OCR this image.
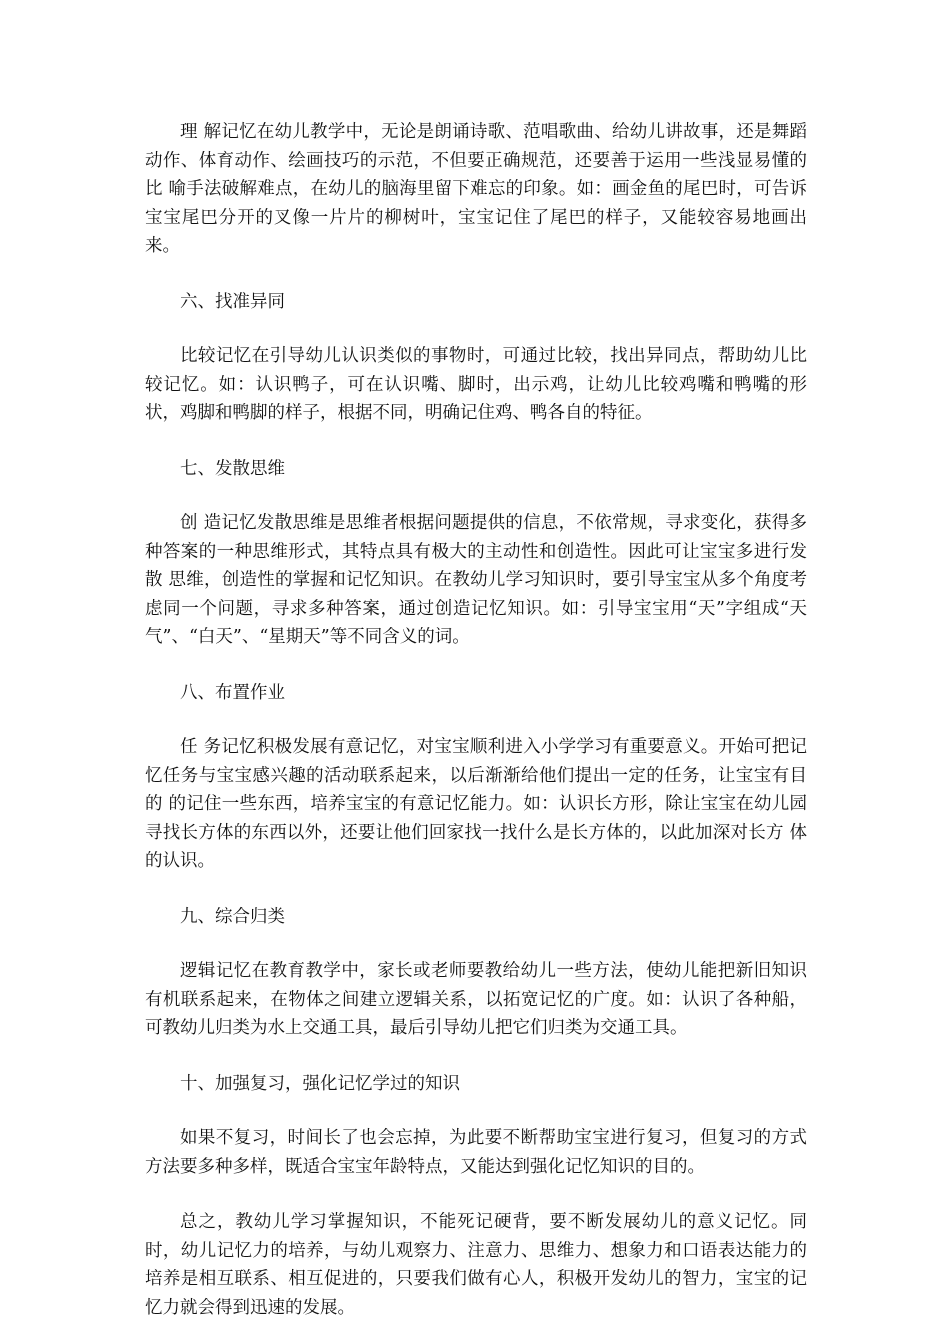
理 解记忆在幼儿教学中，无论是朗诵诗歌、范唱歌曲、给幼儿讲故事，还是舞蹈动作、体育动作、绘画技巧的示范，不但要正确规范，还要善于运用一些浅显易懂的比 喻手法破解难点，在幼儿的脑海里留下难忘的印象。如：画金鱼的尾巴时，可告诉宝宝尾巴分开的叉像一片片的柳树叶，宝宝记住了尾巴的样子，又能较容易地画出 来。

六、找准异同

比较记忆在引导幼儿认识类似的事物时，可通过比较，找出异同点，帮助幼儿比较记忆。如：认识鸭子，可在认识嘴、脚时，出示鸡，让幼儿比较鸡嘴和鸭嘴的形状，鸡脚和鸭脚的样子，根据不同，明确记住鸡、鸭各自的特征。

七、发散思维

创 造记忆发散思维是思维者根据问题提供的信息，不依常规，寻求变化，获得多种答案的一种思维形式，其特点具有极大的主动性和创造性。因此可让宝宝多进行发散 思维，创造性的掌握和记忆知识。在教幼儿学习知识时，要引导宝宝从多个角度考虑同一个问题，寻求多种答案，通过创造记忆知识。如：引导宝宝用“天”字组成“天气”、“白天”、“星期天”等不同含义的词。

八、布置作业

任 务记忆积极发展有意记忆，对宝宝顺利进入小学学习有重要意义。开始可把记忆任务与宝宝感兴趣的活动联系起来，以后渐渐给他们提出一定的任务，让宝宝有目的 的记住一些东西，培养宝宝的有意记忆能力。如：认识长方形，除让宝宝在幼儿园寻找长方体的东西以外，还要让他们回家找一找什么是长方体的，以此加深对长方 体的认识。

九、综合归类

逻辑记忆在教育教学中，家长或老师要教给幼儿一些方法，使幼儿能把新旧知识有机联系起来，在物体之间建立逻辑关系，以拓宽记忆的广度。如：认识了各种船，可教幼儿归类为水上交通工具，最后引导幼儿把它们归类为交通工具。

十、加强复习，强化记忆学过的知识

如果不复习，时间长了也会忘掉，为此要不断帮助宝宝进行复习，但复习的方式方法要多种多样，既适合宝宝年龄特点，又能达到强化记忆知识的目的。

总之，教幼儿学习掌握知识，不能死记硬背，要不断发展幼儿的意义记忆。同时，幼儿记忆力的培养，与幼儿观察力、注意力、思维力、想象力和口语表达能力的培养是相互联系、相互促进的，只要我们做有心人，积极开发幼儿的智力，宝宝的记忆力就会得到迅速的发展。
